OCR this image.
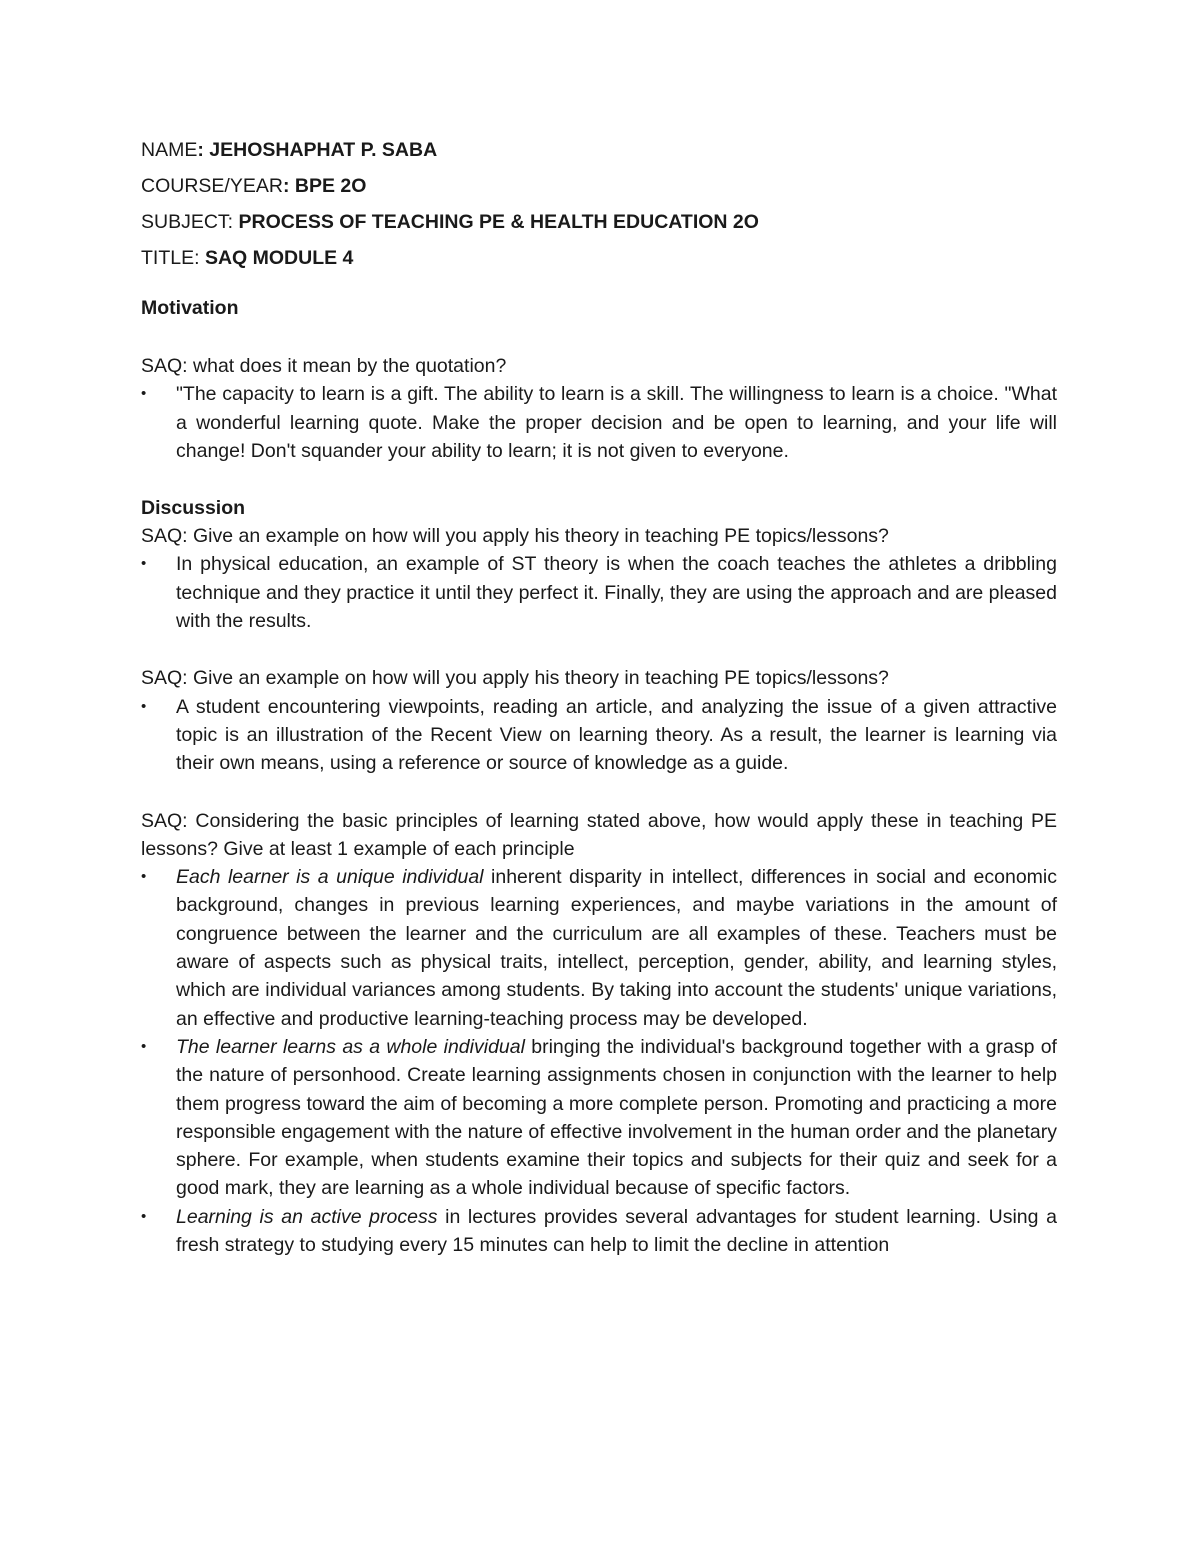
NAME: JEHOSHAPHAT P. SABA
COURSE/YEAR: BPE 2O
SUBJECT: PROCESS OF TEACHING PE & HEALTH EDUCATION 2O
TITLE: SAQ MODULE 4
Motivation
SAQ: what does it mean by the quotation?
• "The capacity to learn is a gift. The ability to learn is a skill. The willingness to learn is a choice. "What a wonderful learning quote. Make the proper decision and be open to learning, and your life will change! Don't squander your ability to learn; it is not given to everyone.
Discussion
SAQ: Give an example on how will you apply his theory in teaching PE topics/lessons?
• In physical education, an example of ST theory is when the coach teaches the athletes a dribbling technique and they practice it until they perfect it. Finally, they are using the approach and are pleased with the results.
SAQ: Give an example on how will you apply his theory in teaching PE topics/lessons?
• A student encountering viewpoints, reading an article, and analyzing the issue of a given attractive topic is an illustration of the Recent View on learning theory. As a result, the learner is learning via their own means, using a reference or source of knowledge as a guide.
SAQ: Considering the basic principles of learning stated above, how would apply these in teaching PE lessons? Give at least 1 example of each principle
• Each learner is a unique individual inherent disparity in intellect, differences in social and economic background, changes in previous learning experiences, and maybe variations in the amount of congruence between the learner and the curriculum are all examples of these. Teachers must be aware of aspects such as physical traits, intellect, perception, gender, ability, and learning styles, which are individual variances among students. By taking into account the students' unique variations, an effective and productive learning-teaching process may be developed.
• The learner learns as a whole individual bringing the individual's background together with a grasp of the nature of personhood. Create learning assignments chosen in conjunction with the learner to help them progress toward the aim of becoming a more complete person. Promoting and practicing a more responsible engagement with the nature of effective involvement in the human order and the planetary sphere. For example, when students examine their topics and subjects for their quiz and seek for a good mark, they are learning as a whole individual because of specific factors.
• Learning is an active process in lectures provides several advantages for student learning. Using a fresh strategy to studying every 15 minutes can help to limit the decline in attention
